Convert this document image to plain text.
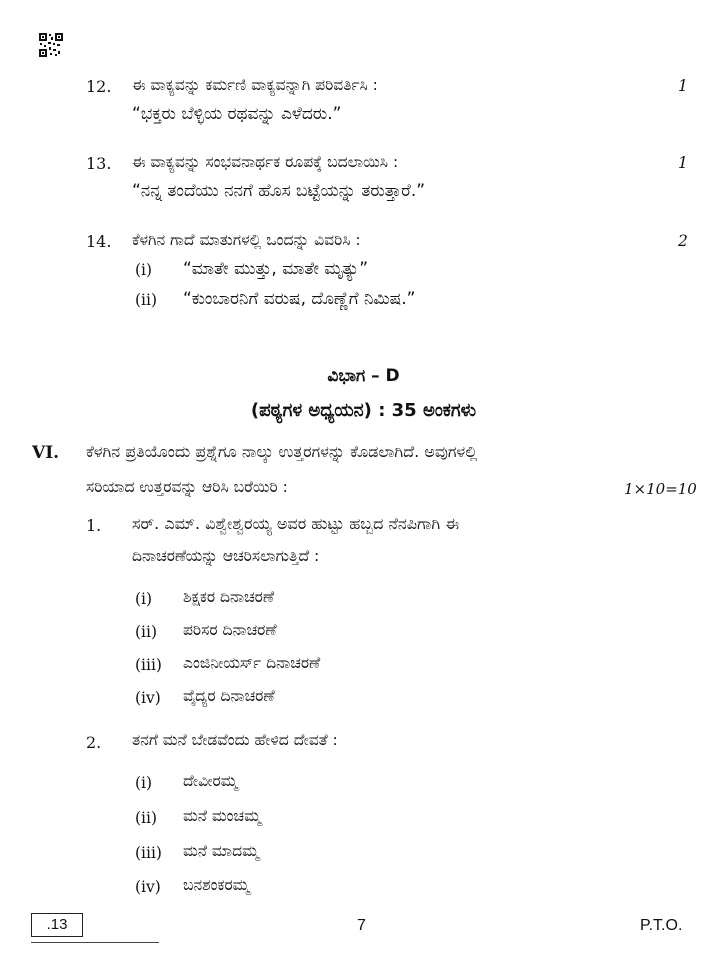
12. ಈ ವಾಕ್ಯವನ್ನು ಕರ್ಮಣಿ ವಾಕ್ಯವನ್ನಾಗಿ ಪರಿವರ್ತಿಸಿ :	1
“ಭಕ್ತರು ಬೆಳ್ಳಿಯ ರಥವನ್ನು ಎಳೆದರು.”
13. ಈ ವಾಕ್ಯವನ್ನು ಸಂಭವನಾರ್ಥಕ ರೂಪಕ್ಕೆ ಬದಲಾಯಿಸಿ :	1
“ನನ್ನ ತಂದೆಯು ನನಗೆ ಹೊಸ ಬಟ್ಟೆಯನ್ನು ತರುತ್ತಾರೆ.”
14. ಕೆಳಗಿನ ಗಾದೆ ಮಾತುಗಳಲ್ಲಿ ಒಂದನ್ನು ವಿವರಿಸಿ :	2
(i) “ಮಾತೇ ಮುತ್ತು, ಮಾತೇ ಮೃತ್ಯು”
(ii) “ಕುಂಬಾರನಿಗೆ ವರುಷ, ದೊಣ್ಣೆಗೆ ನಿಮಿಷ.”
ವಿಭಾಗ – D
(ಪಠ್ಯಗಳ ಅಧ್ಯಯನ) : 35 ಅಂಕಗಳು
VI. ಕೆಳಗಿನ ಪ್ರತಿಯೊಂದು ಪ್ರಶ್ನೆಗೂ ನಾಲ್ಕು ಉತ್ತರಗಳನ್ನು ಕೊಡಲಾಗಿದೆ. ಅವುಗಳಲ್ಲಿ
ಸರಿಯಾದ ಉತ್ತರವನ್ನು ಆರಿಸಿ ಬರೆಯಿರಿ :	1×10=10
1. ಸರ್. ಎಮ್. ವಿಶ್ವೇಶ್ವರಯ್ಯ ಅವರ ಹುಟ್ಟು ಹಬ್ಬದ ನೆನಪಿಗಾಗಿ ಈ
ದಿನಾಚರಣೆಯನ್ನು ಆಚರಿಸಲಾಗುತ್ತಿದೆ :
(i) ಶಿಕ್ಷಕರ ದಿನಾಚರಣೆ
(ii) ಪರಿಸರ ದಿನಾಚರಣೆ
(iii) ಎಂಜಿನೀಯರ್ಸ್ ದಿನಾಚರಣೆ
(iv) ವೈದ್ಯರ ದಿನಾಚರಣೆ
2. ತನಗೆ ಮನೆ ಬೇಡವೆಂದು ಹೇಳಿದ ದೇವತೆ :
(i) ದೇವೀರಮ್ಮ
(ii) ಮನೆ ಮಂಚಮ್ಮ
(iii) ಮನೆ ಮಾದಮ್ಮ
(iv) ಬನಶಂಕರಮ್ಮ
.13	7	P.T.O.
